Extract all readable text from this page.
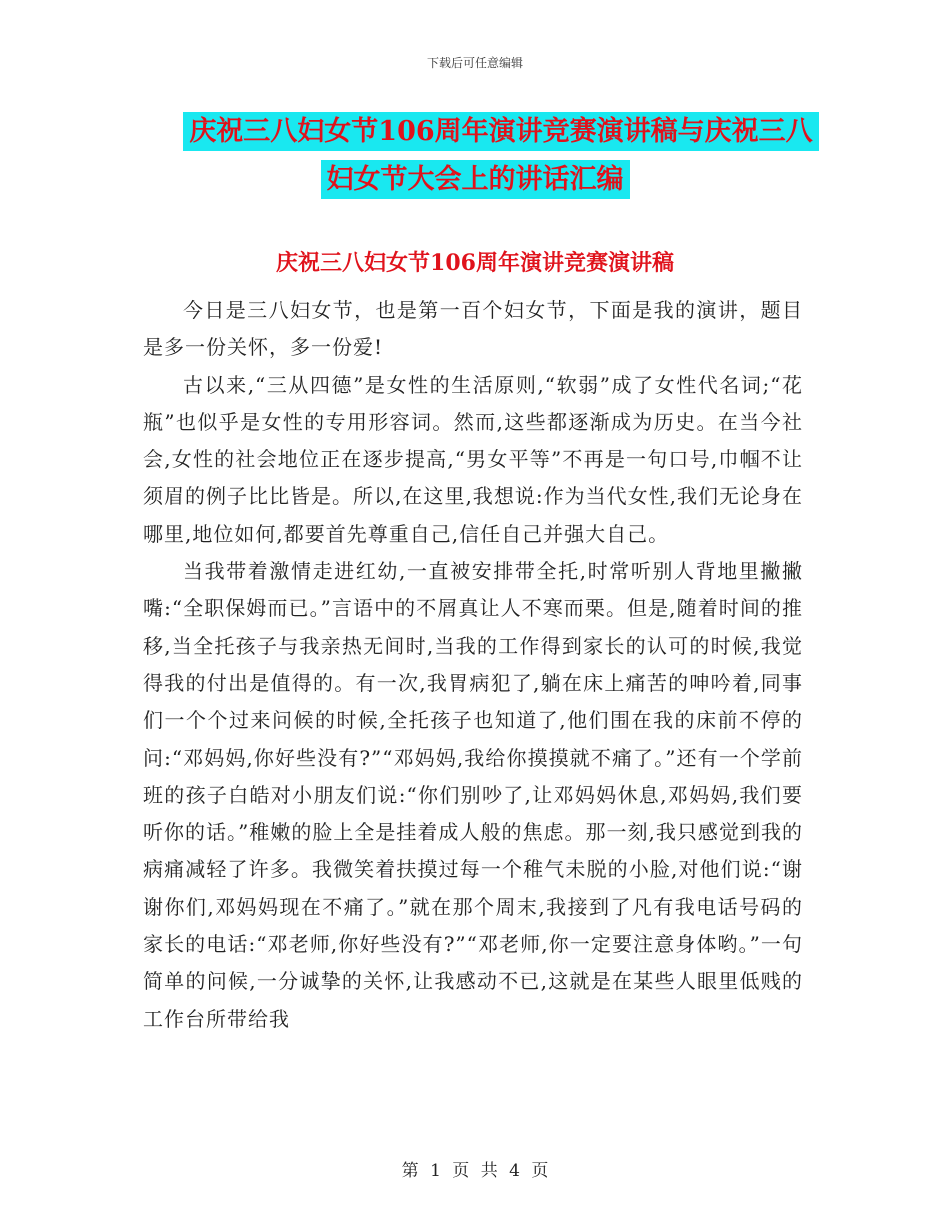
下载后可任意编辑
庆祝三八妇女节106周年演讲竞赛演讲稿与庆祝三八
妇女节大会上的讲话汇编
庆祝三八妇女节106周年演讲竞赛演讲稿

今日是三八妇女节，也是第一百个妇女节，下面是我的演讲，题目是多一份关怀，多一份爱!

古以来,“三从四德”是女性的生活原则,“软弱”成了女性代名词;“花瓶”也似乎是女性的专用形容词。然而,这些都逐渐成为历史。在当今社会,女性的社会地位正在逐步提高,“男女平等”不再是一句口号,巾帼不让须眉的例子比比皆是。所以,在这里,我想说:作为当代女性,我们无论身在哪里,地位如何,都要首先尊重自己,信任自己并强大自己。

当我带着激情走进红幼,一直被安排带全托,时常听别人背地里撇撇嘴:“全职保姆而已。”言语中的不屑真让人不寒而栗。但是,随着时间的推移,当全托孩子与我亲热无间时,当我的工作得到家长的认可的时候,我觉得我的付出是值得的。有一次,我胃病犯了,躺在床上痛苦的呻吟着,同事们一个个过来问候的时候,全托孩子也知道了,他们围在我的床前不停的问:“邓妈妈,你好些没有?”“邓妈妈,我给你摸摸就不痛了。”还有一个学前班的孩子白皓对小朋友们说:“你们别吵了,让邓妈妈休息,邓妈妈,我们要听你的话。”稚嫩的脸上全是挂着成人般的焦虑。那一刻,我只感觉到我的病痛减轻了许多。我微笑着扶摸过每一个稚气未脱的小脸,对他们说:“谢谢你们,邓妈妈现在不痛了。”就在那个周末,我接到了凡有我电话号码的家长的电话:“邓老师,你好些没有?”“邓老师,你一定要注意身体哟。”一句简单的问候,一分诚挚的关怀,让我感动不已,这就是在某些人眼里低贱的工作台所带给我

第 1 页 共 4 页
